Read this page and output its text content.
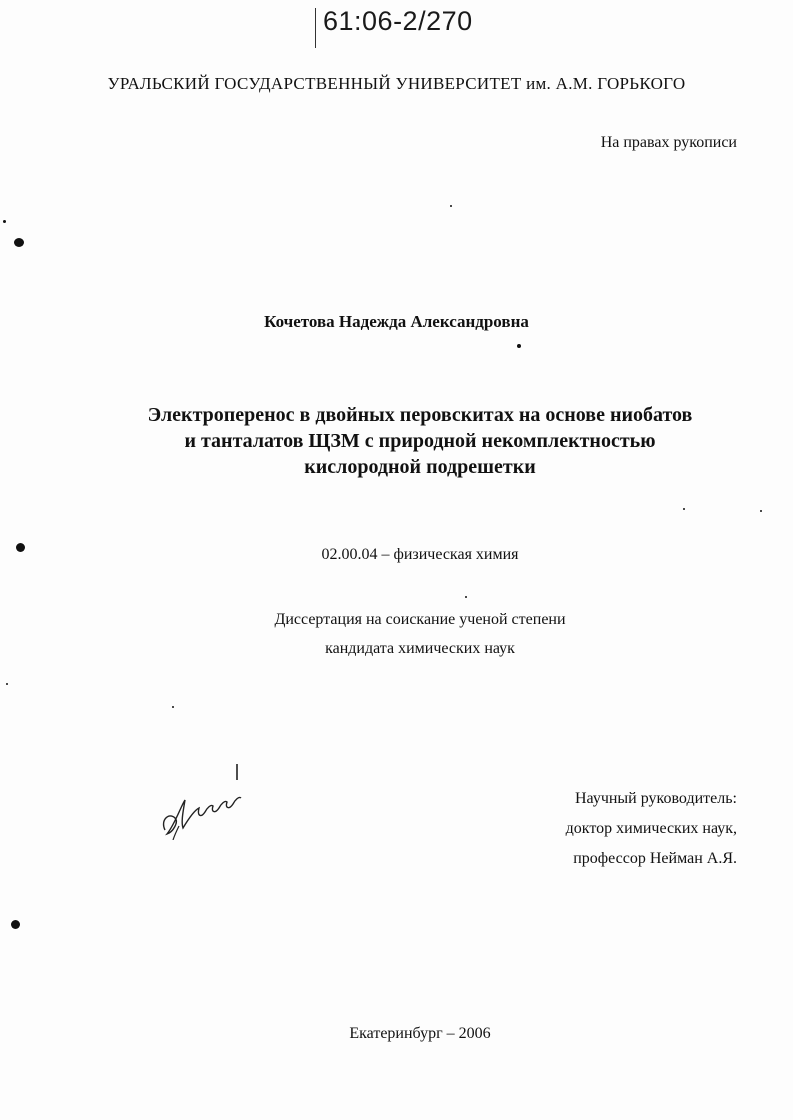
61:06-2/270
УРАЛЬСКИЙ ГОСУДАРСТВЕННЫЙ УНИВЕРСИТЕТ им. А.М. ГОРЬКОГО
На правах рукописи
Кочетова Надежда Александровна
Электроперенос в двойных перовскитах на основе ниобатов
и танталатов ЩЗМ с природной некомплектностью
кислородной подрешетки
02.00.04 – физическая химия
Диссертация на соискание ученой степени
кандидата химических наук
Научный руководитель:
доктор химических наук,
профессор Нейман А.Я.
Екатеринбург – 2006
